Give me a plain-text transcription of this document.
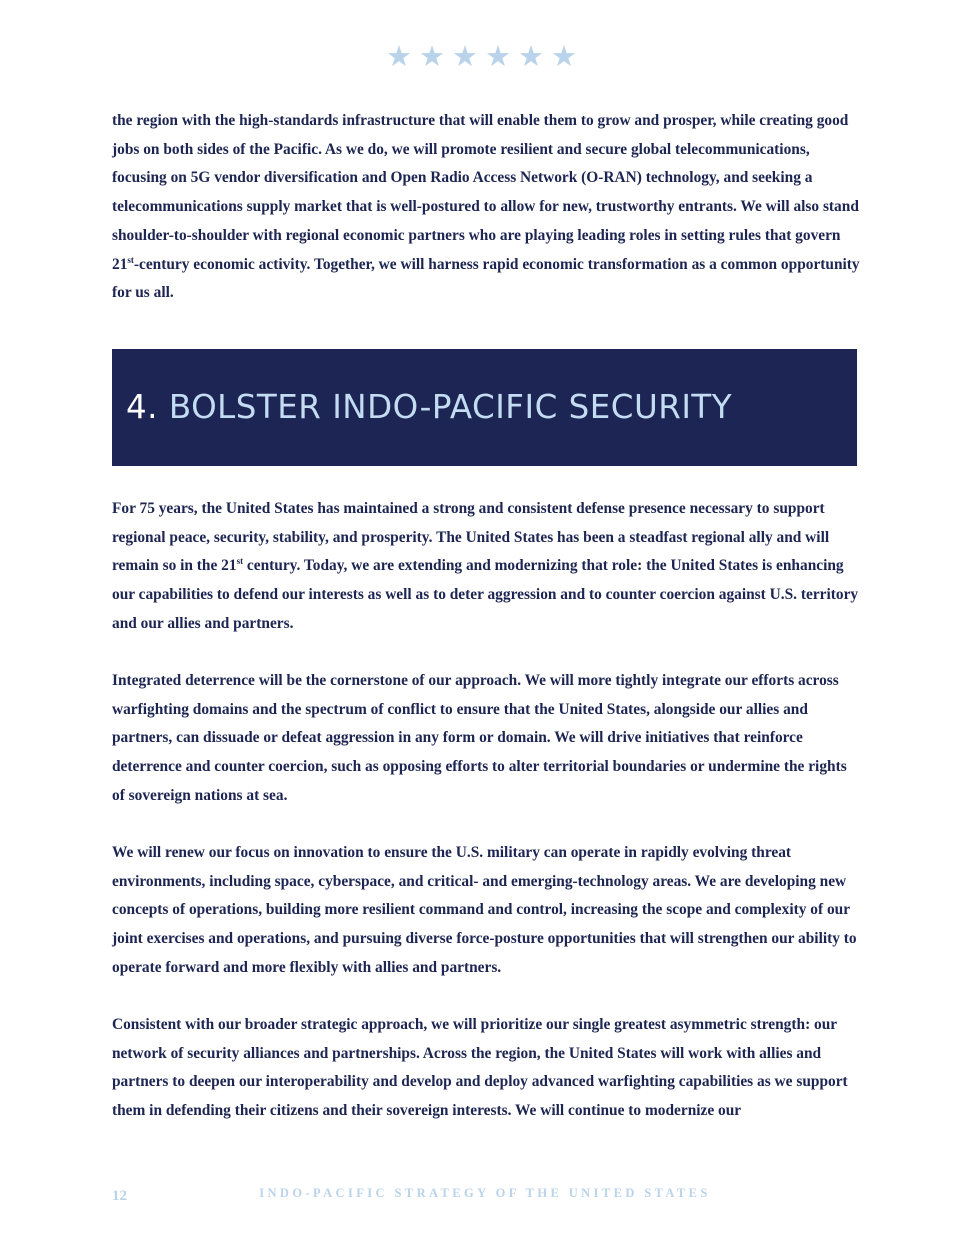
★★★★★★

the region with the high-standards infrastructure that will enable them to grow and prosper, while creating good jobs on both sides of the Pacific. As we do, we will promote resilient and secure global telecommunications, focusing on 5G vendor diversification and Open Radio Access Network (O-RAN) technology, and seeking a telecommunications supply market that is well-postured to allow for new, trustworthy entrants. We will also stand shoulder-to-shoulder with regional economic partners who are playing leading roles in setting rules that govern 21st-century economic activity. Together, we will harness rapid economic transformation as a common opportunity for us all.

4. BOLSTER INDO-PACIFIC SECURITY

For 75 years, the United States has maintained a strong and consistent defense presence necessary to support regional peace, security, stability, and prosperity. The United States has been a steadfast regional ally and will remain so in the 21st century. Today, we are extending and modernizing that role: the United States is enhancing our capabilities to defend our interests as well as to deter aggression and to counter coercion against U.S. territory and our allies and partners.

Integrated deterrence will be the cornerstone of our approach. We will more tightly integrate our efforts across warfighting domains and the spectrum of conflict to ensure that the United States, alongside our allies and partners, can dissuade or defeat aggression in any form or domain. We will drive initiatives that reinforce deterrence and counter coercion, such as opposing efforts to alter territorial boundaries or undermine the rights of sovereign nations at sea.

We will renew our focus on innovation to ensure the U.S. military can operate in rapidly evolving threat environments, including space, cyberspace, and critical- and emerging-technology areas. We are developing new concepts of operations, building more resilient command and control, increasing the scope and complexity of our joint exercises and operations, and pursuing diverse force-posture opportunities that will strengthen our ability to operate forward and more flexibly with allies and partners.

Consistent with our broader strategic approach, we will prioritize our single greatest asymmetric strength: our network of security alliances and partnerships. Across the region, the United States will work with allies and partners to deepen our interoperability and develop and deploy advanced warfighting capabilities as we support them in defending their citizens and their sovereign interests. We will continue to modernize our

12	INDO-PACIFIC STRATEGY OF THE UNITED STATES
